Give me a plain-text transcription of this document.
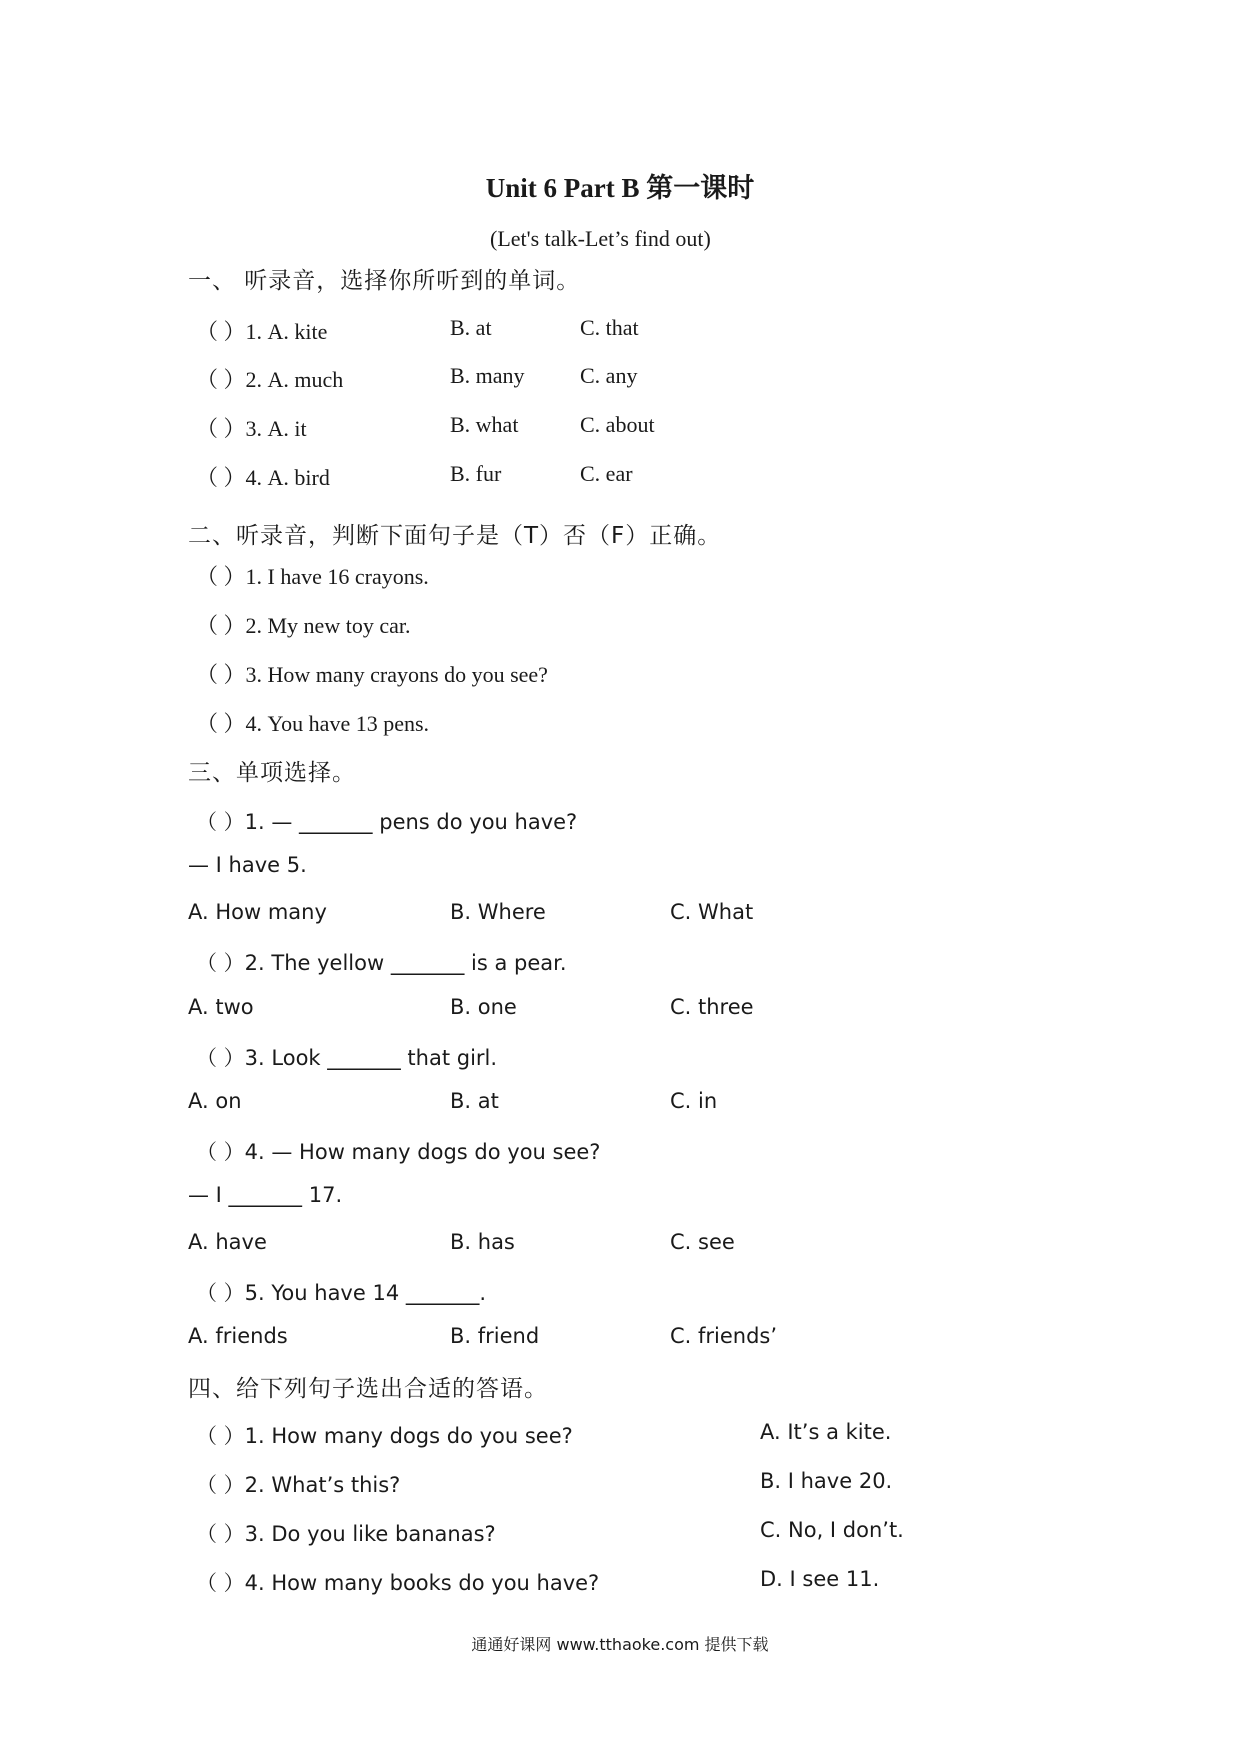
Unit 6 Part B 第一课时
(Let's talk-Let’s find out)
一、 听录音，选择你所听到的单词。
（ ）1. A. kite	B. at	C. that
（ ）2. A. much	B. many	C. any
（ ）3. A. it	B. what	C. about
（ ）4. A. bird	B. fur	C. ear
二、听录音，判断下面句子是（T）否（F）正确。
（ ）1. I have 16 crayons.
（ ）2. My new toy car.
（ ）3. How many crayons do you see?
（ ）4. You have 13 pens.
三、单项选择。
（ ）1. — _______ pens do you have?
— I have 5.
A. How many	B. Where	C. What
（ ）2. The yellow _______ is a pear.
A. two	B. one	C. three
（ ）3. Look _______ that girl.
A. on	B. at	C. in
（ ）4. — How many dogs do you see?
— I _______ 17.
A. have	B. has	C. see
（ ）5. You have 14 _______.
A. friends	B. friend	C. friends’
四、给下列句子选出合适的答语。
（ ）1. How many dogs do you see?	A. It’s a kite.
（ ）2. What’s this?	B. I have 20.
（ ）3. Do you like bananas?	C. No, I don’t.
（ ）4. How many books do you have?	D. I see 11.
通通好课网 www.tthaoke.com 提供下载
